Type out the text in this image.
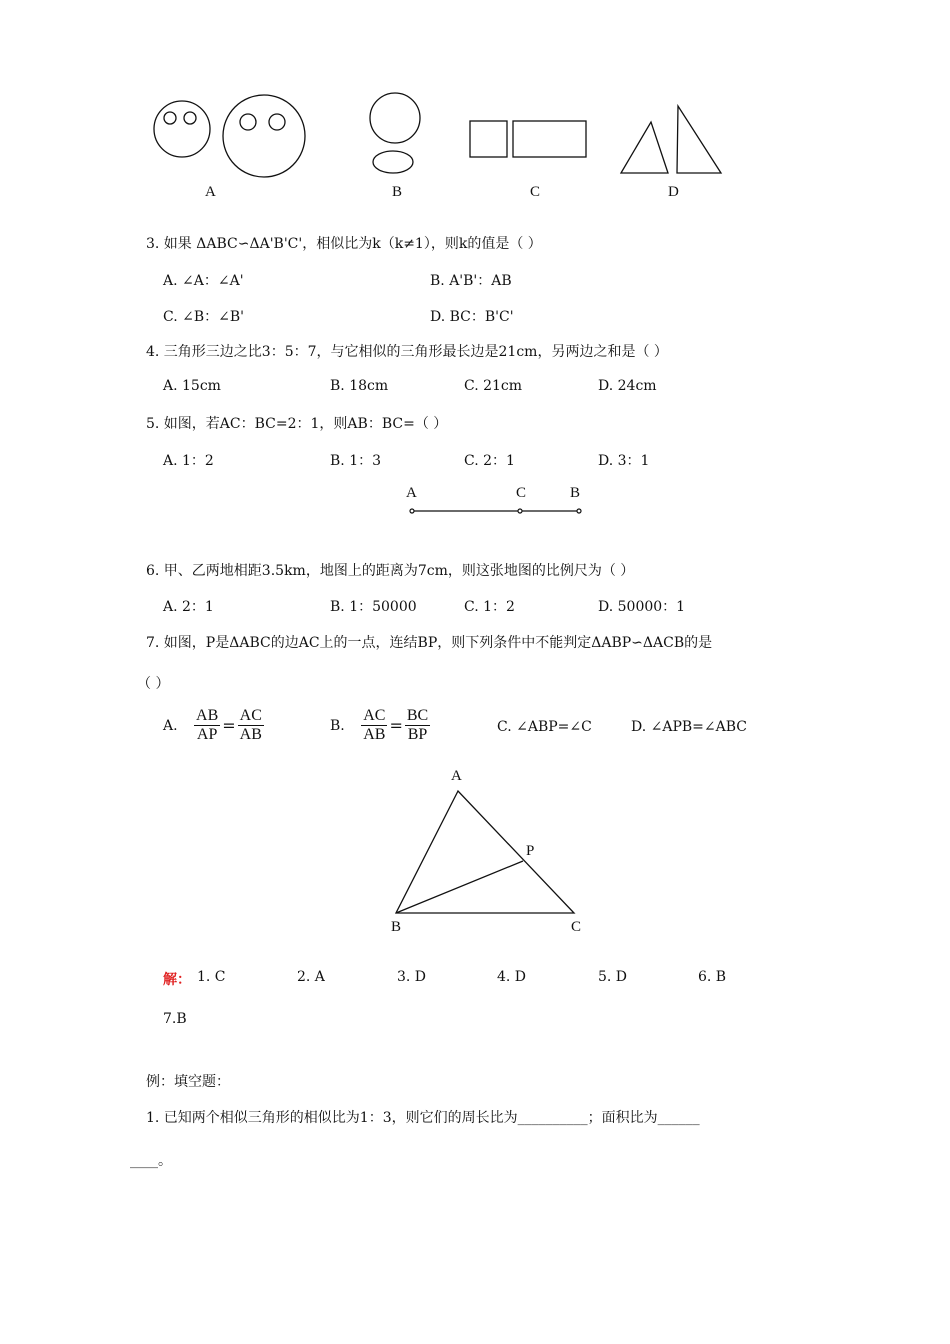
A	B	C	D
3. 如果 ΔABC∽ΔA'B'C'，相似比为k（k≠1），则k的值是（ ）
A. ∠A：∠A'	B. A'B'：AB
C. ∠B：∠B'	D. BC：B'C'
4. 三角形三边之比3：5：7，与它相似的三角形最长边是21cm，另两边之和是（ ）
A. 15cm	B. 18cm	C. 21cm	D. 24cm
5. 如图，若AC：BC=2：1，则AB：BC=（ ）
A. 1：2	B. 1：3	C. 2：1	D. 3：1
A	C	B
6. 甲、乙两地相距3.5km，地图上的距离为7cm，则这张地图的比例尺为（ ）
A. 2：1	B. 1：50000	C. 1：2	D. 50000：1
7. 如图，P是ΔABC的边AC上的一点，连结BP，则下列条件中不能判定ΔABP∽ΔACB的是
（ ）
A. $\frac{AB}{AP} = \frac{AC}{AB}$	B. $\frac{AC}{AB} = \frac{BC}{BP}$	C. ∠ABP=∠C	D. ∠APB=∠ABC
A
P
B	C
解： 1. C	2. A	3. D	4. D	5. D	6. B
7.B
例：填空题：
1. 已知两个相似三角形的相似比为1：3，则它们的周长比为__________；面积比为______
____。
